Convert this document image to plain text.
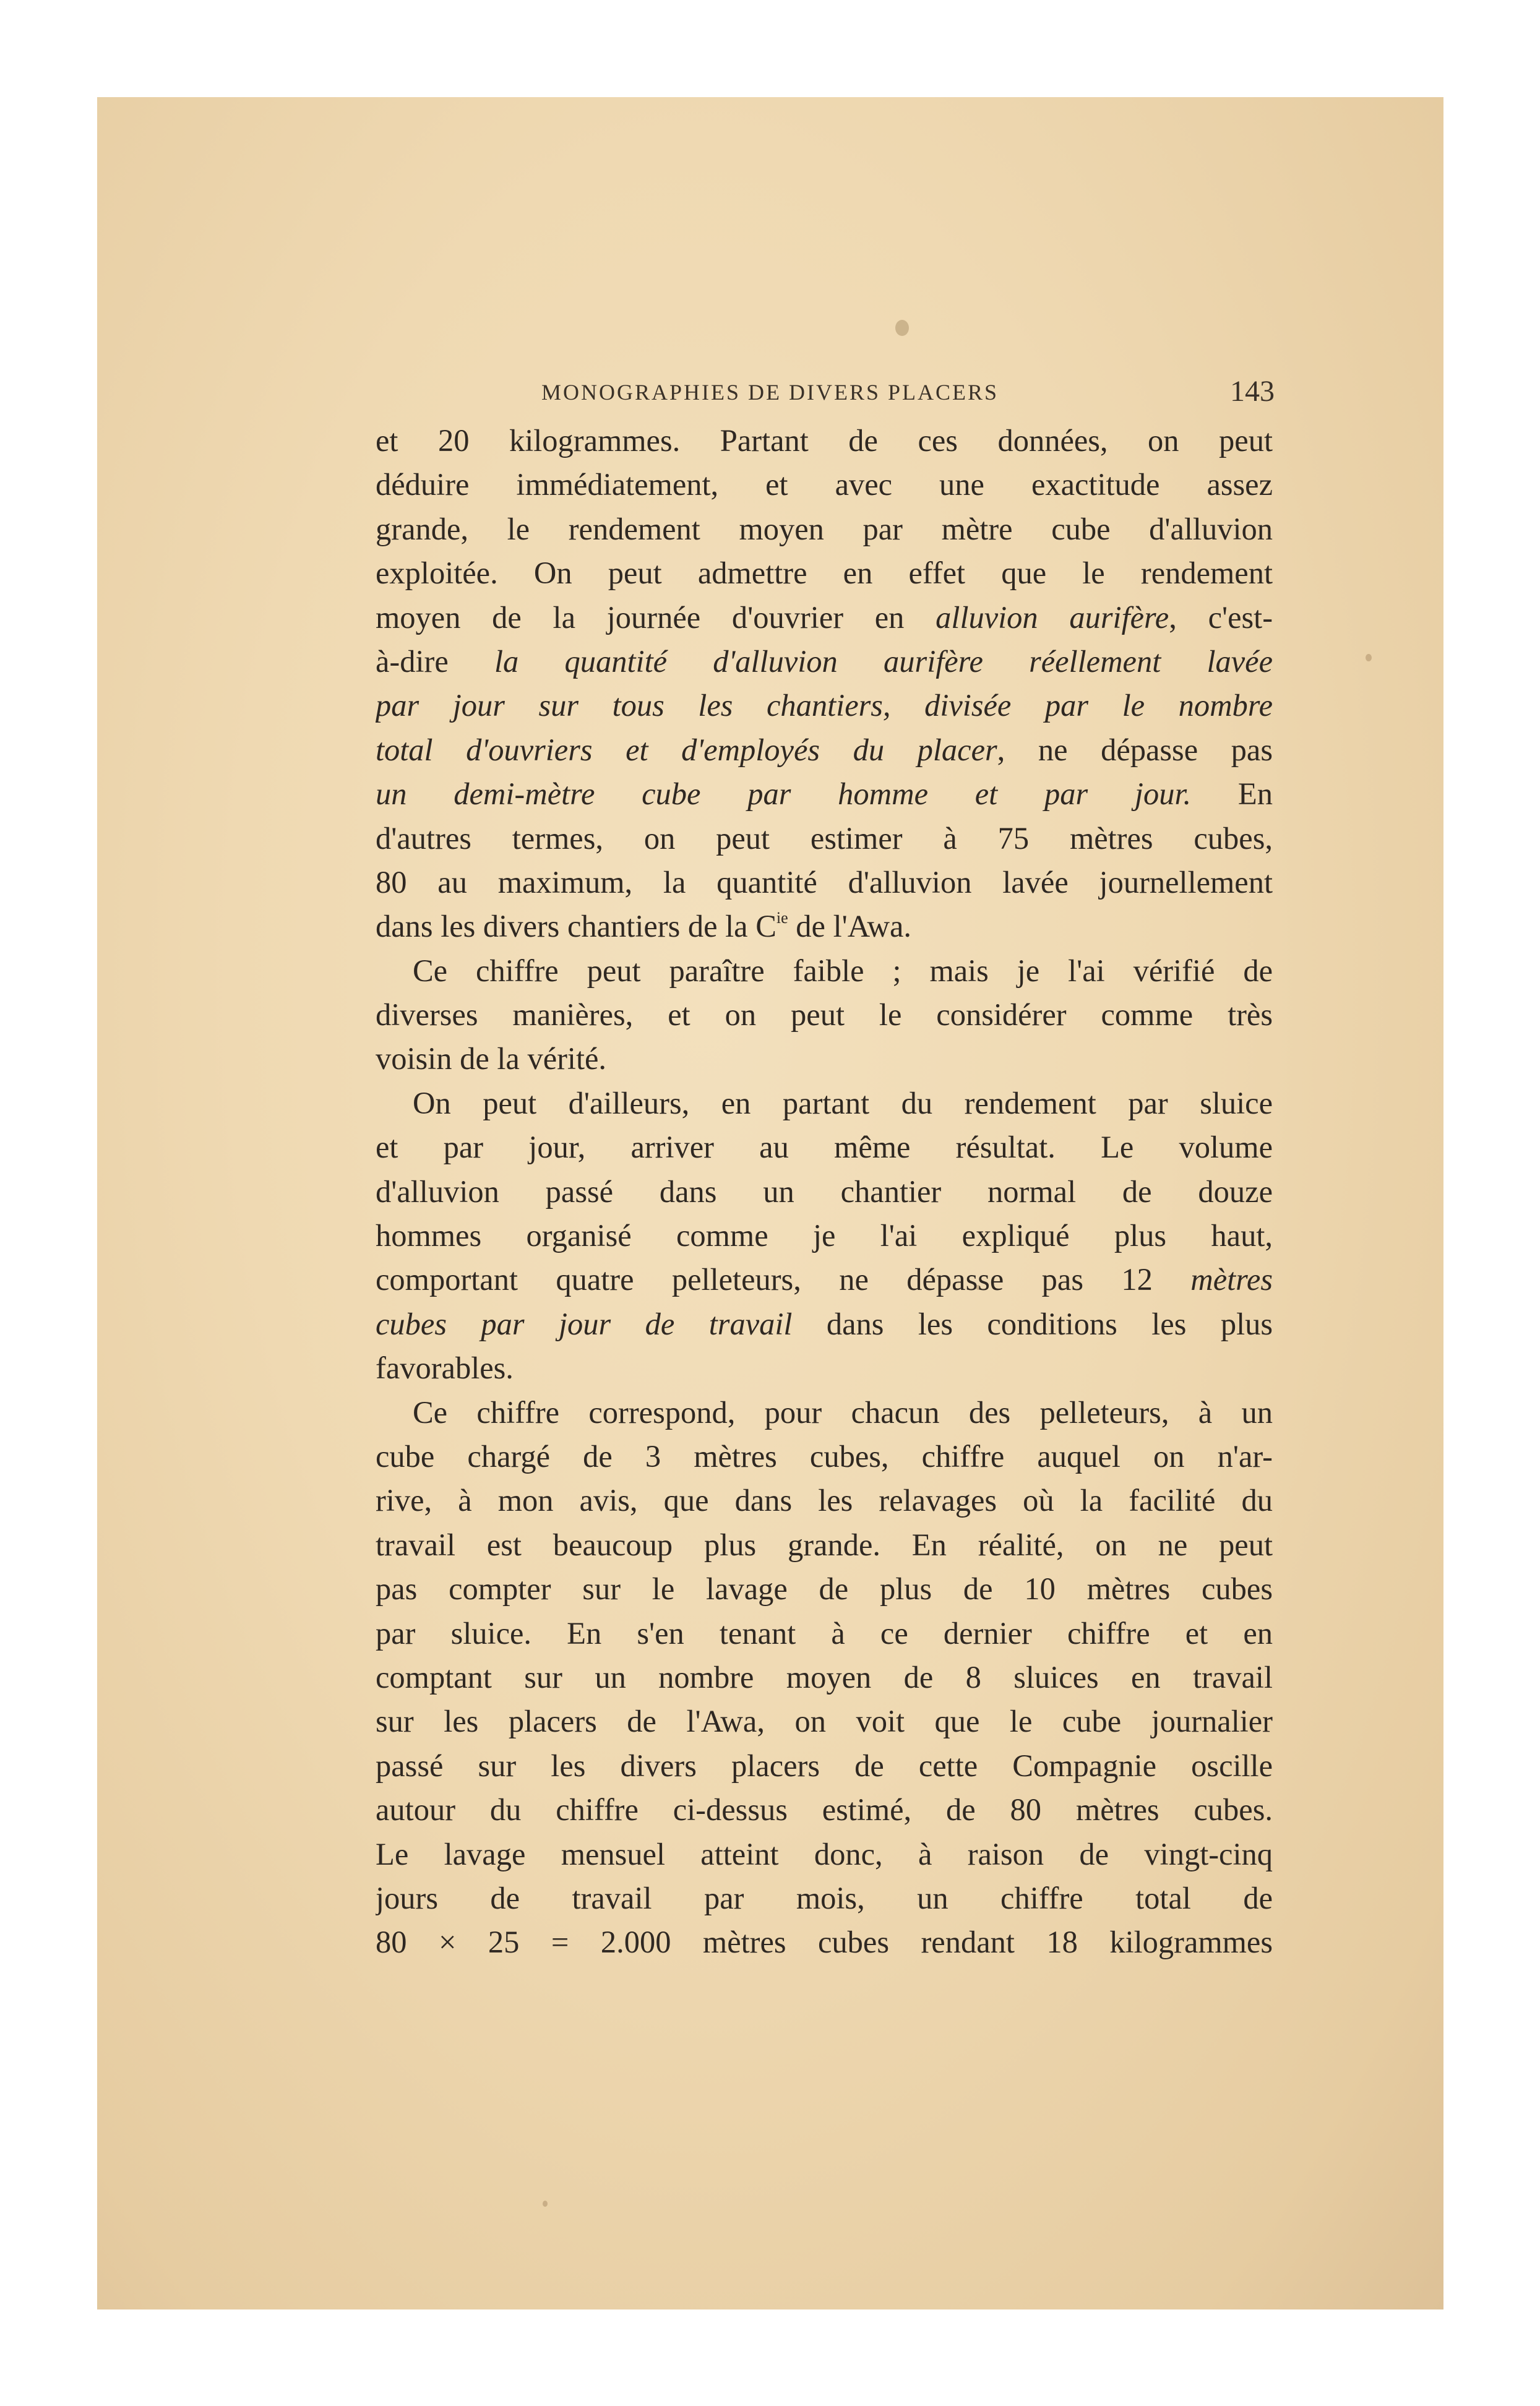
MONOGRAPHIES DE DIVERS PLACERS	143
et 20 kilogrammes. Partant de ces données, on peut
déduire immédiatement, et avec une exactitude assez
grande, le rendement moyen par mètre cube d'alluvion
exploitée. On peut admettre en effet que le rendement
moyen de la journée d'ouvrier en alluvion aurifère, c'est-
à-dire la quantité d'alluvion aurifère réellement lavée
par jour sur tous les chantiers, divisée par le nombre
total d'ouvriers et d'employés du placer, ne dépasse pas
un demi-mètre cube par homme et par jour. En
d'autres termes, on peut estimer à 75 mètres cubes,
80 au maximum, la quantité d'alluvion lavée journellement
dans les divers chantiers de la $C^{ie}$ de l'Awa.
Ce chiffre peut paraître faible ; mais je l'ai vérifié de
diverses manières, et on peut le considérer comme très
voisin de la vérité.
On peut d'ailleurs, en partant du rendement par sluice
et par jour, arriver au même résultat. Le volume
d'alluvion passé dans un chantier normal de douze
hommes organisé comme je l'ai expliqué plus haut,
comportant quatre pelleteurs, ne dépasse pas 12 mètres
cubes par jour de travail dans les conditions les plus
favorables.
Ce chiffre correspond, pour chacun des pelleteurs, à un
cube chargé de 3 mètres cubes, chiffre auquel on n'ar-
rive, à mon avis, que dans les relavages où la facilité du
travail est beaucoup plus grande. En réalité, on ne peut
pas compter sur le lavage de plus de 10 mètres cubes
par sluice. En s'en tenant à ce dernier chiffre et en
comptant sur un nombre moyen de 8 sluices en travail
sur les placers de l'Awa, on voit que le cube journalier
passé sur les divers placers de cette Compagnie oscille
autour du chiffre ci-dessus estimé, de 80 mètres cubes.
Le lavage mensuel atteint donc, à raison de vingt-cinq
jours de travail par mois, un chiffre total de
80 × 25 = 2.000 mètres cubes rendant 18 kilogrammes
